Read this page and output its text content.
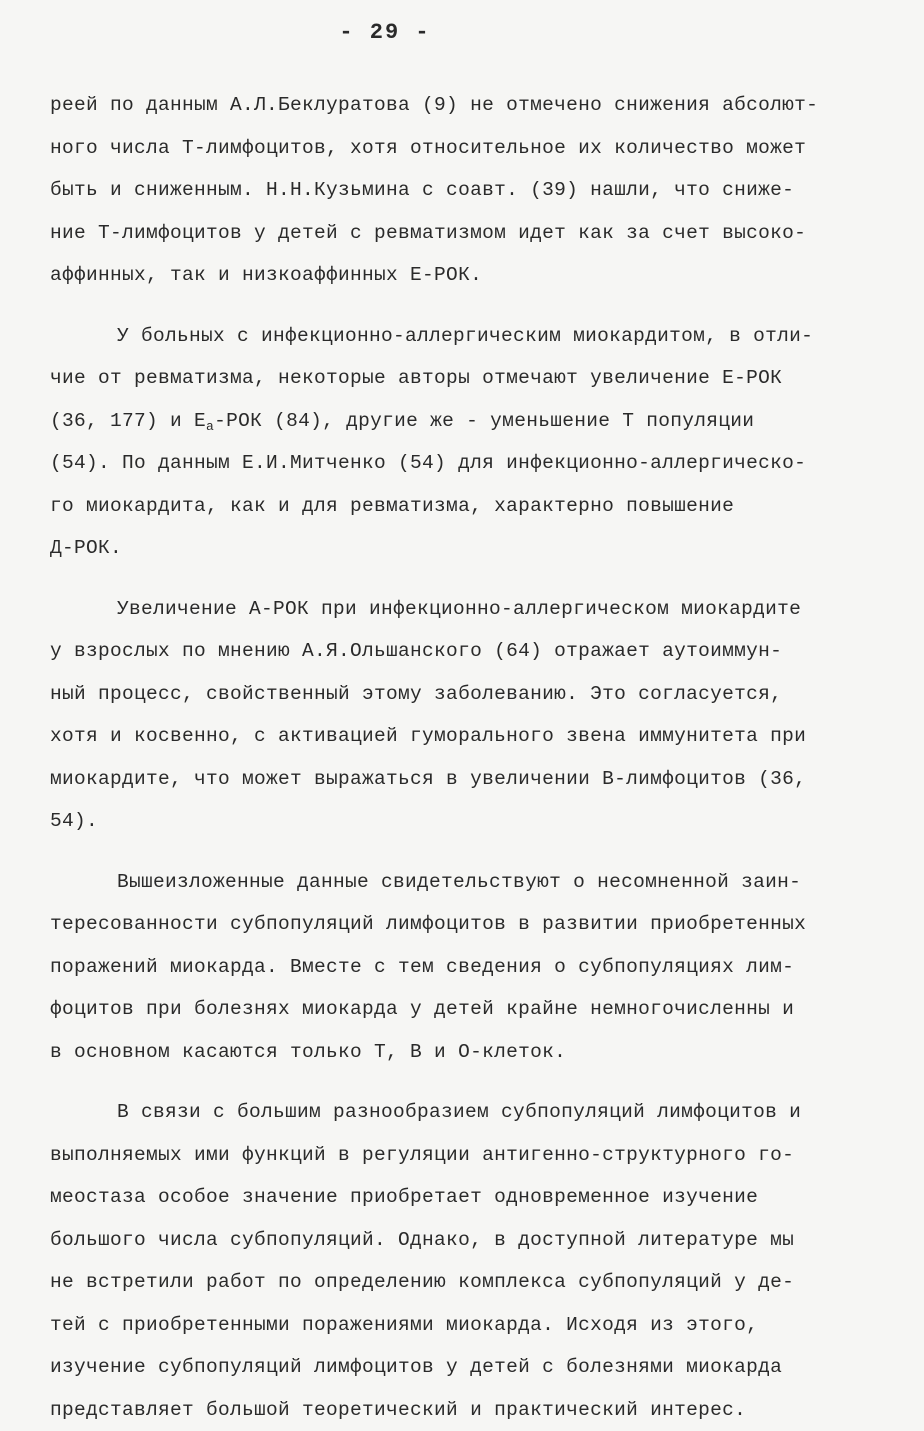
- 29 -
реей по данным А.Л.Беклуратова (9) не отмечено снижения абсолют-
ного числа Т-лимфоцитов, хотя относительное их количество может
быть и сниженным. Н.Н.Кузьмина с соавт. (39) нашли, что сниже-
ние Т-лимфоцитов у детей с ревматизмом идет как за счет высоко-
аффинных, так и низкоаффинных Е-РОК.
У больных с инфекционно-аллергическим миокардитом, в отли-
чие от ревматизма, некоторые авторы отмечают увеличение Е-РОК
(36, 177) и $Е_a$-РОК (84), другие же - уменьшение Т популяции
(54). По данным Е.И.Митченко (54) для инфекционно-аллергическо-
го миокардита, как и для ревматизма, характерно повышение
Д-РОК.
Увеличение А-РОК при инфекционно-аллергическом миокардите
у взрослых по мнению А.Я.Ольшанского (64) отражает аутоиммун-
ный процесс, свойственный этому заболеванию. Это согласуется,
хотя и косвенно, с активацией гуморального звена иммунитета при
миокардите, что может выражаться в увеличении В-лимфоцитов (36,
54).
Вышеизложенные данные свидетельствуют о несомненной заин-
тересованности субпопуляций лимфоцитов в развитии приобретенных
поражений миокарда. Вместе с тем сведения о субпопуляциях лим-
фоцитов при болезнях миокарда у детей крайне немногочисленны и
в основном касаются только Т, В и О-клеток.
В связи с большим разнообразием субпопуляций лимфоцитов и
выполняемых ими функций в регуляции антигенно-структурного го-
меостаза особое значение приобретает одновременное изучение
большого числа субпопуляций. Однако, в доступной литературе мы
не встретили работ по определению комплекса субпопуляций у де-
тей с приобретенными поражениями миокарда. Исходя из этого,
изучение субпопуляций лимфоцитов у детей с болезнями миокарда
представляет большой теоретический и практический интерес.
